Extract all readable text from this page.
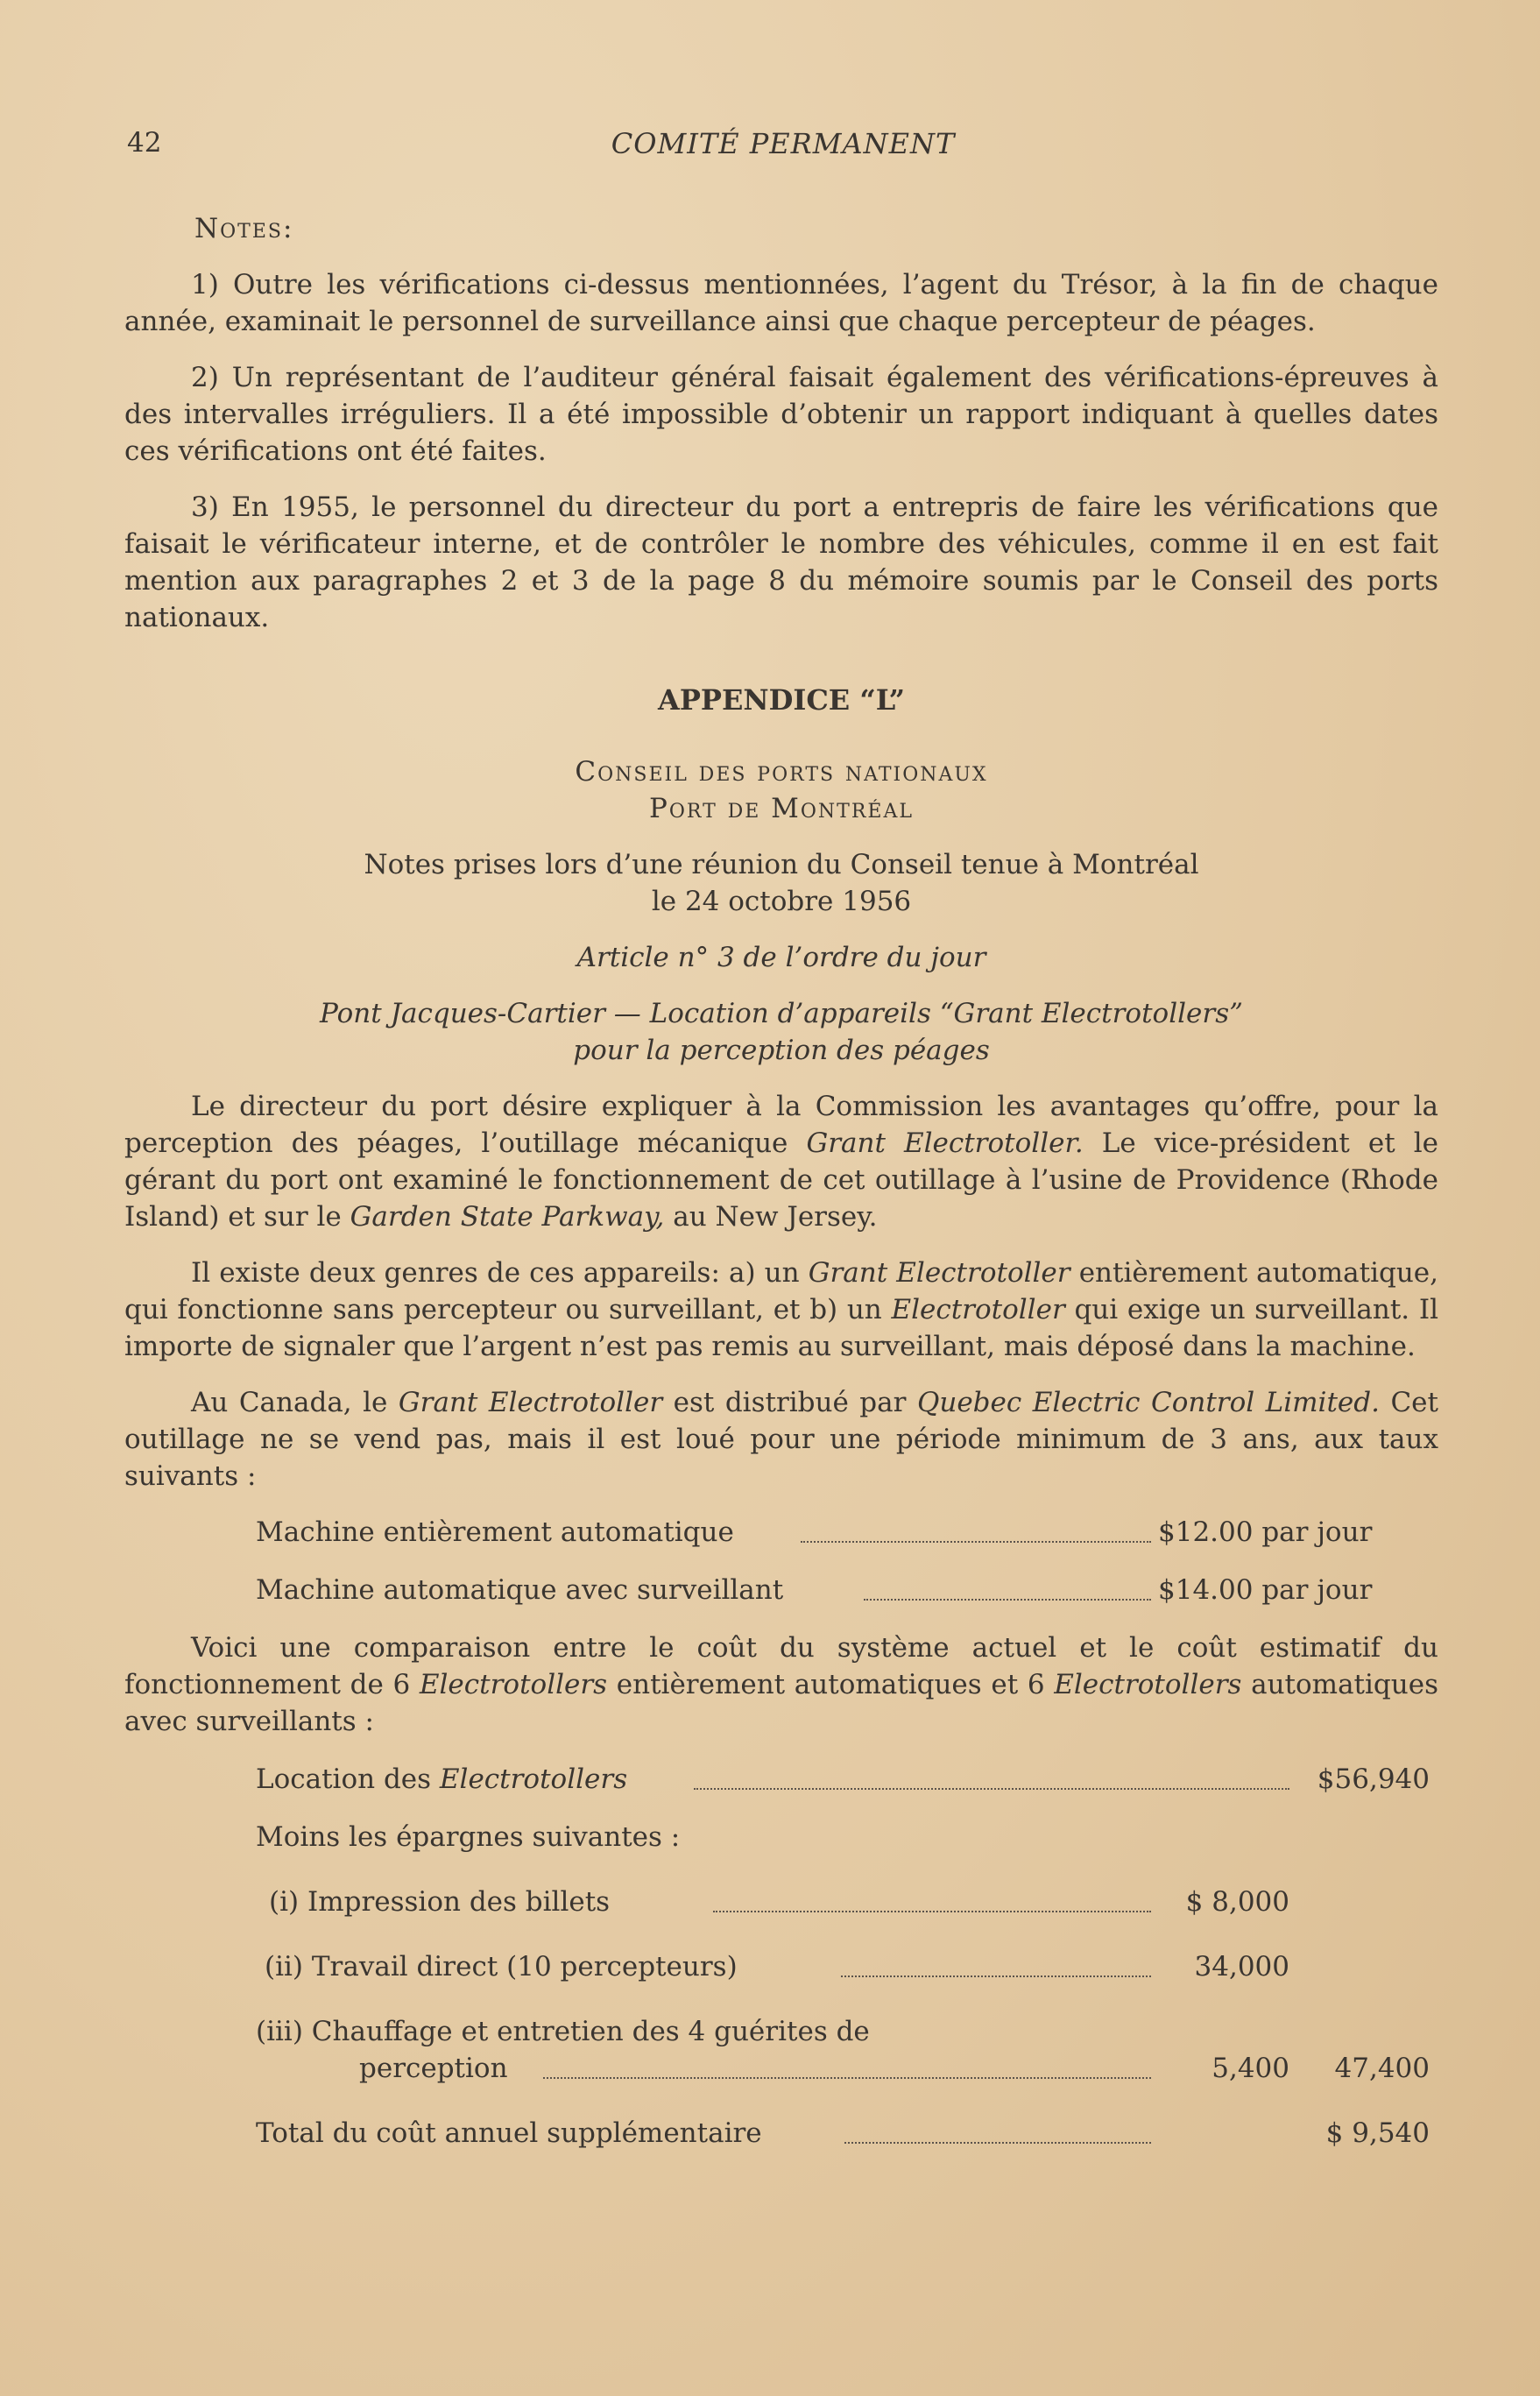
42	COMITÉ PERMANENT
Notes:

1) Outre les vérifications ci-dessus mentionnées, l’agent du Trésor, à la fin de chaque année, examinait le personnel de surveillance ainsi que chaque percepteur de péages.

2) Un représentant de l’auditeur général faisait également des vérifications-épreuves à des intervalles irréguliers. Il a été impossible d’obtenir un rapport indiquant à quelles dates ces vérifications ont été faites.

3) En 1955, le personnel du directeur du port a entrepris de faire les vérifications que faisait le vérificateur interne, et de contrôler le nombre des véhicules, comme il en est fait mention aux paragraphes 2 et 3 de la page 8 du mémoire soumis par le Conseil des ports nationaux.

APPENDICE “L”
Conseil des ports nationaux
Port de Montréal
Notes prises lors d’une réunion du Conseil tenue à Montréal
le 24 octobre 1956
Article n° 3 de l’ordre du jour
Pont Jacques-Cartier — Location d’appareils “Grant Electrotollers”
pour la perception des péages

Le directeur du port désire expliquer à la Commission les avantages qu’offre, pour la perception des péages, l’outillage mécanique Grant Electrotoller. Le vice-président et le gérant du port ont examiné le fonctionnement de cet outillage à l’usine de Providence (Rhode Island) et sur le Garden State Parkway, au New Jersey.

Il existe deux genres de ces appareils: a) un Grant Electrotoller entièrement automatique, qui fonctionne sans percepteur ou surveillant, et b) un Electrotoller qui exige un surveillant. Il importe de signaler que l’argent n’est pas remis au surveillant, mais déposé dans la machine.

Au Canada, le Grant Electrotoller est distribué par Quebec Electric Control Limited. Cet outillage ne se vend pas, mais il est loué pour une période minimum de 3 ans, aux taux suivants :

Machine entièrement automatique	$12.00 par jour
Machine automatique avec surveillant	$14.00 par jour

Voici une comparaison entre le coût du système actuel et le coût estimatif du fonctionnement de 6 Electrotollers entièrement automatiques et 6 Electrotollers automatiques avec surveillants :

Location des Electrotollers	$56,940
Moins les épargnes suivantes :
(i) Impression des billets	$ 8,000
(ii) Travail direct (10 percepteurs)	34,000
(iii) Chauffage et entretien des 4 guérites de
perception	5,400	47,400
Total du coût annuel supplémentaire	$ 9,540
